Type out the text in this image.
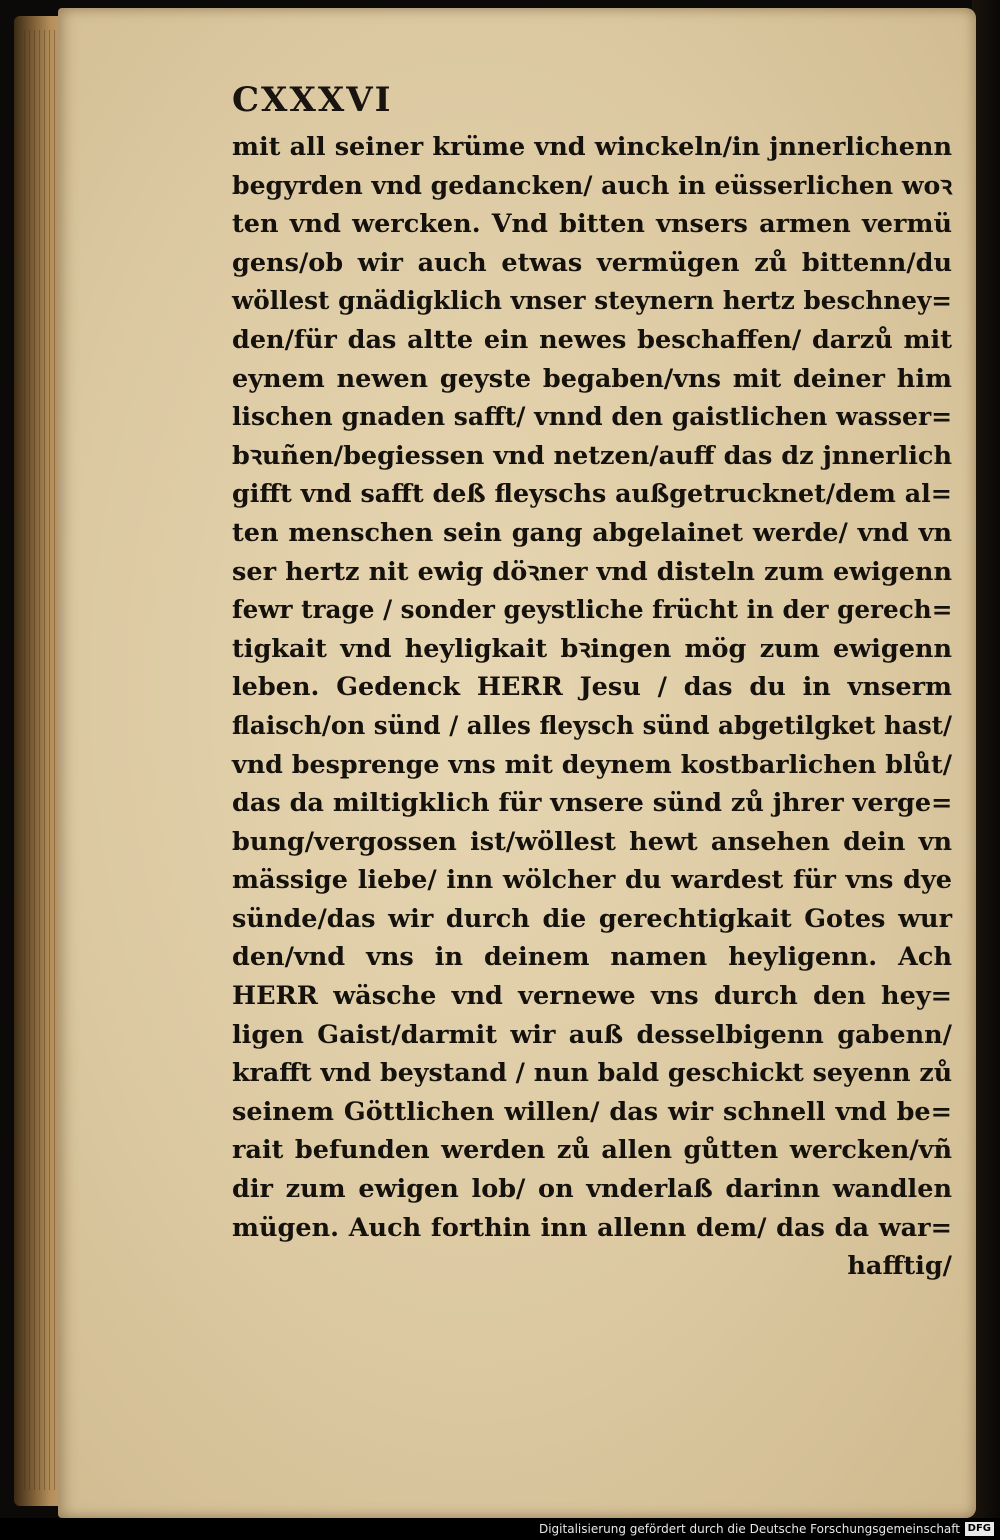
CXXXVI
mit all seiner krüme vnd winckeln/in jnnerlichenn
begyrden vnd gedancken/ auch in eüsserlichen woꝛ
ten vnd wercken. Vnd bitten vnsers armen vermü
gens/ob wir auch etwas vermügen zů bittenn/du
wöllest gnädigklich vnser steynern hertz beschney=
den/für das altte ein newes beschaffen/ darzů mit
eynem newen geyste begaben/vns mit deiner him
lischen gnaden safft/ vnnd den gaistlichen wasser=
bꝛuñen/begiessen vnd netzen/auff das dz jnnerlich
gifft vnd safft deß fleyschs außgetrucknet/dem al=
ten menschen sein gang abgelainet werde/ vnd vn
ser hertz nit ewig döꝛner vnd disteln zum ewigenn
fewr trage / sonder geystliche frücht in der gerech=
tigkait vnd heyligkait bꝛingen mög zum ewigenn
leben. Gedenck HERR Jesu / das du in vnserm
flaisch/on sünd / alles fleysch sünd abgetilgket hast/
vnd besprenge vns mit deynem kostbarlichen blůt/
das da miltigklich für vnsere sünd zů jhrer verge=
bung/vergossen ist/wöllest hewt ansehen dein vn
mässige liebe/ inn wölcher du wardest für vns dye
sünde/das wir durch die gerechtigkait Gotes wur
den/vnd vns in deinem namen heyligenn. Ach
HERR wäsche vnd vernewe vns durch den hey=
ligen Gaist/darmit wir auß desselbigenn gabenn/
krafft vnd beystand / nun bald geschickt seyenn zů
seinem Göttlichen willen/ das wir schnell vnd be=
rait befunden werden zů allen gůtten wercken/vñ
dir zum ewigen lob/ on vnderlaß darinn wandlen
mügen. Auch forthin inn allenn dem/ das da war=
hafftig/
Digitalisierung gefördert durch die Deutsche Forschungsgemeinschaft DFG
